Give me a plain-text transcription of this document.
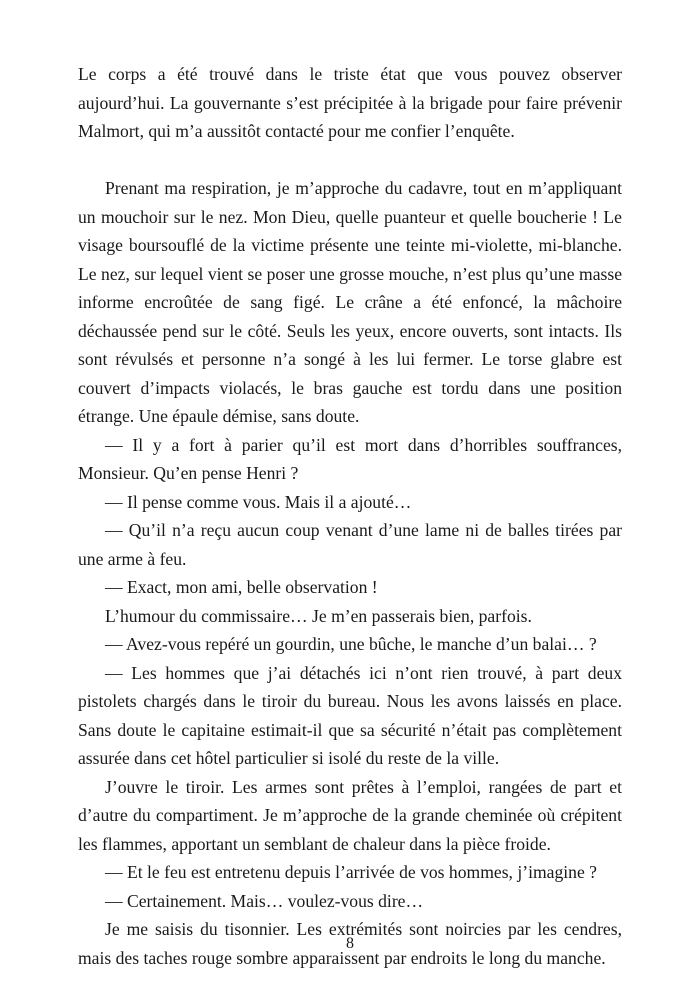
Le corps a été trouvé dans le triste état que vous pouvez observer aujourd’hui. La gouvernante s’est précipitée à la brigade pour faire prévenir Malmort, qui m’a aussitôt contacté pour me confier l’enquête.

Prenant ma respiration, je m’approche du cadavre, tout en m’appliquant un mouchoir sur le nez. Mon Dieu, quelle puanteur et quelle boucherie ! Le visage boursouflé de la victime présente une teinte mi-violette, mi-blanche. Le nez, sur lequel vient se poser une grosse mouche, n’est plus qu’une masse informe encroûtée de sang figé. Le crâne a été enfoncé, la mâchoire déchaussée pend sur le côté. Seuls les yeux, encore ouverts, sont intacts. Ils sont révulsés et personne n’a songé à les lui fermer. Le torse glabre est couvert d’impacts violacés, le bras gauche est tordu dans une position étrange. Une épaule démise, sans doute.

— Il y a fort à parier qu’il est mort dans d’horribles souffrances, Monsieur. Qu’en pense Henri ?

— Il pense comme vous. Mais il a ajouté…

— Qu’il n’a reçu aucun coup venant d’une lame ni de balles tirées par une arme à feu.

— Exact, mon ami, belle observation !

L’humour du commissaire… Je m’en passerais bien, parfois.

— Avez-vous repéré un gourdin, une bûche, le manche d’un balai… ?

— Les hommes que j’ai détachés ici n’ont rien trouvé, à part deux pistolets chargés dans le tiroir du bureau. Nous les avons laissés en place. Sans doute le capitaine estimait-il que sa sécurité n’était pas complètement assurée dans cet hôtel particulier si isolé du reste de la ville.

J’ouvre le tiroir. Les armes sont prêtes à l’emploi, rangées de part et d’autre du compartiment. Je m’approche de la grande cheminée où crépitent les flammes, apportant un semblant de chaleur dans la pièce froide.

— Et le feu est entretenu depuis l’arrivée de vos hommes, j’imagine ?

— Certainement. Mais… voulez-vous dire…

Je me saisis du tisonnier. Les extrémités sont noircies par les cendres, mais des taches rouge sombre apparaissent par endroits le long du manche.

8
